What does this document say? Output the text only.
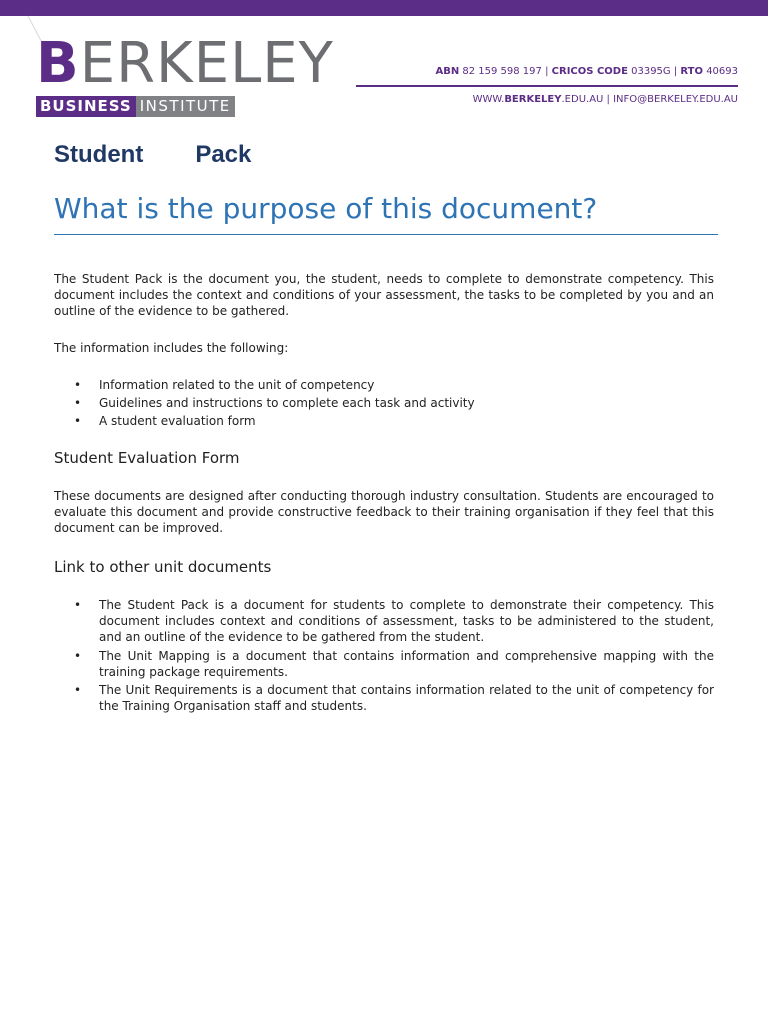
BERKELEY
BUSINESS INSTITUTE
ABN 82 159 598 197 | CRICOS CODE 03395G | RTO 40693
WWW.BERKELEY.EDU.AU | INFO@BERKELEY.EDU.AU
Student Pack
What is the purpose of this document?
The Student Pack is the document you, the student, needs to complete to demonstrate competency. This document includes the context and conditions of your assessment, the tasks to be completed by you and an outline of the evidence to be gathered.
The information includes the following:
• Information related to the unit of competency
• Guidelines and instructions to complete each task and activity
• A student evaluation form
Student Evaluation Form
These documents are designed after conducting thorough industry consultation. Students are encouraged to evaluate this document and provide constructive feedback to their training organisation if they feel that this document can be improved.
Link to other unit documents
• The Student Pack is a document for students to complete to demonstrate their competency. This document includes context and conditions of assessment, tasks to be administered to the student, and an outline of the evidence to be gathered from the student.
• The Unit Mapping is a document that contains information and comprehensive mapping with the training package requirements.
• The Unit Requirements is a document that contains information related to the unit of competency for the Training Organisation staff and students.
